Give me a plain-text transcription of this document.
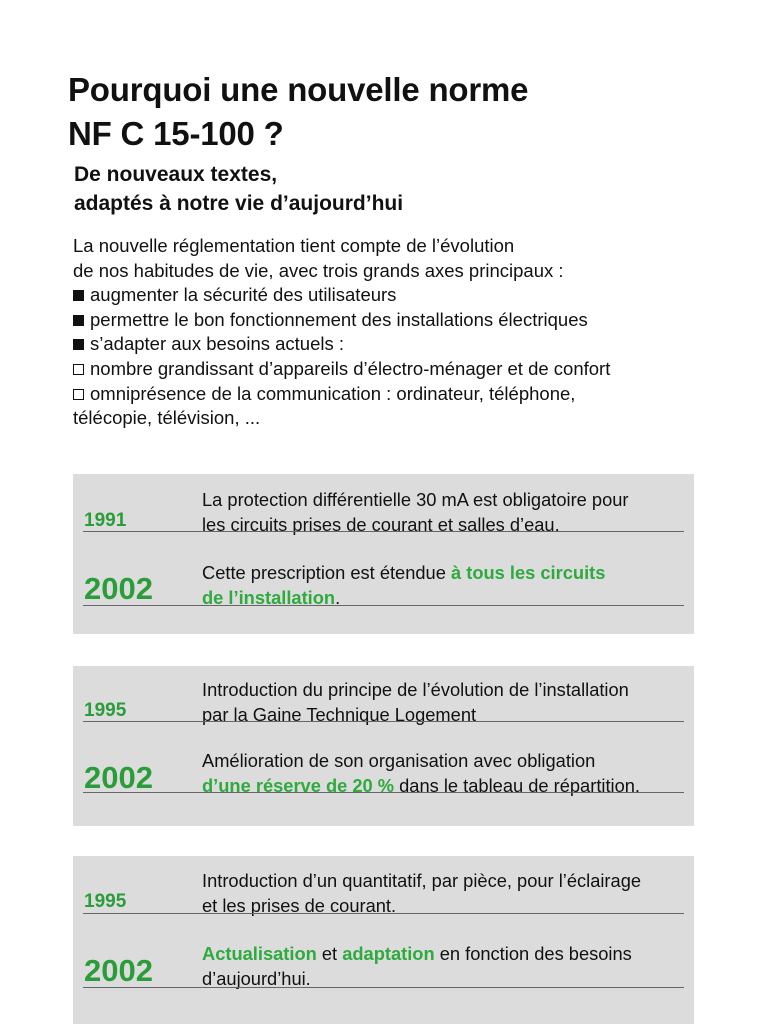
Pourquoi une nouvelle norme
NF C 15-100 ?
De nouveaux textes,
adaptés à notre vie d’aujourd’hui
La nouvelle réglementation tient compte de l’évolution
de nos habitudes de vie, avec trois grands axes principaux :
augmenter la sécurité des utilisateurs
permettre le bon fonctionnement des installations électriques
s’adapter aux besoins actuels :
nombre grandissant d’appareils d’électro-ménager et de confort
omniprésence de la communication : ordinateur, téléphone,
télécopie, télévision, ...
La protection différentielle 30 mA est obligatoire pour
les circuits prises de courant et salles d’eau.
1991
Cette prescription est étendue à tous les circuits
de l’installation.
2002
Introduction du principe de l’évolution de l’installation
par la Gaine Technique Logement
1995
Amélioration de son organisation avec obligation
d’une réserve de 20 % dans le tableau de répartition.
2002
Introduction d’un quantitatif, par pièce, pour l’éclairage
et les prises de courant.
1995
Actualisation et adaptation en fonction des besoins
d’aujourd’hui.
2002
